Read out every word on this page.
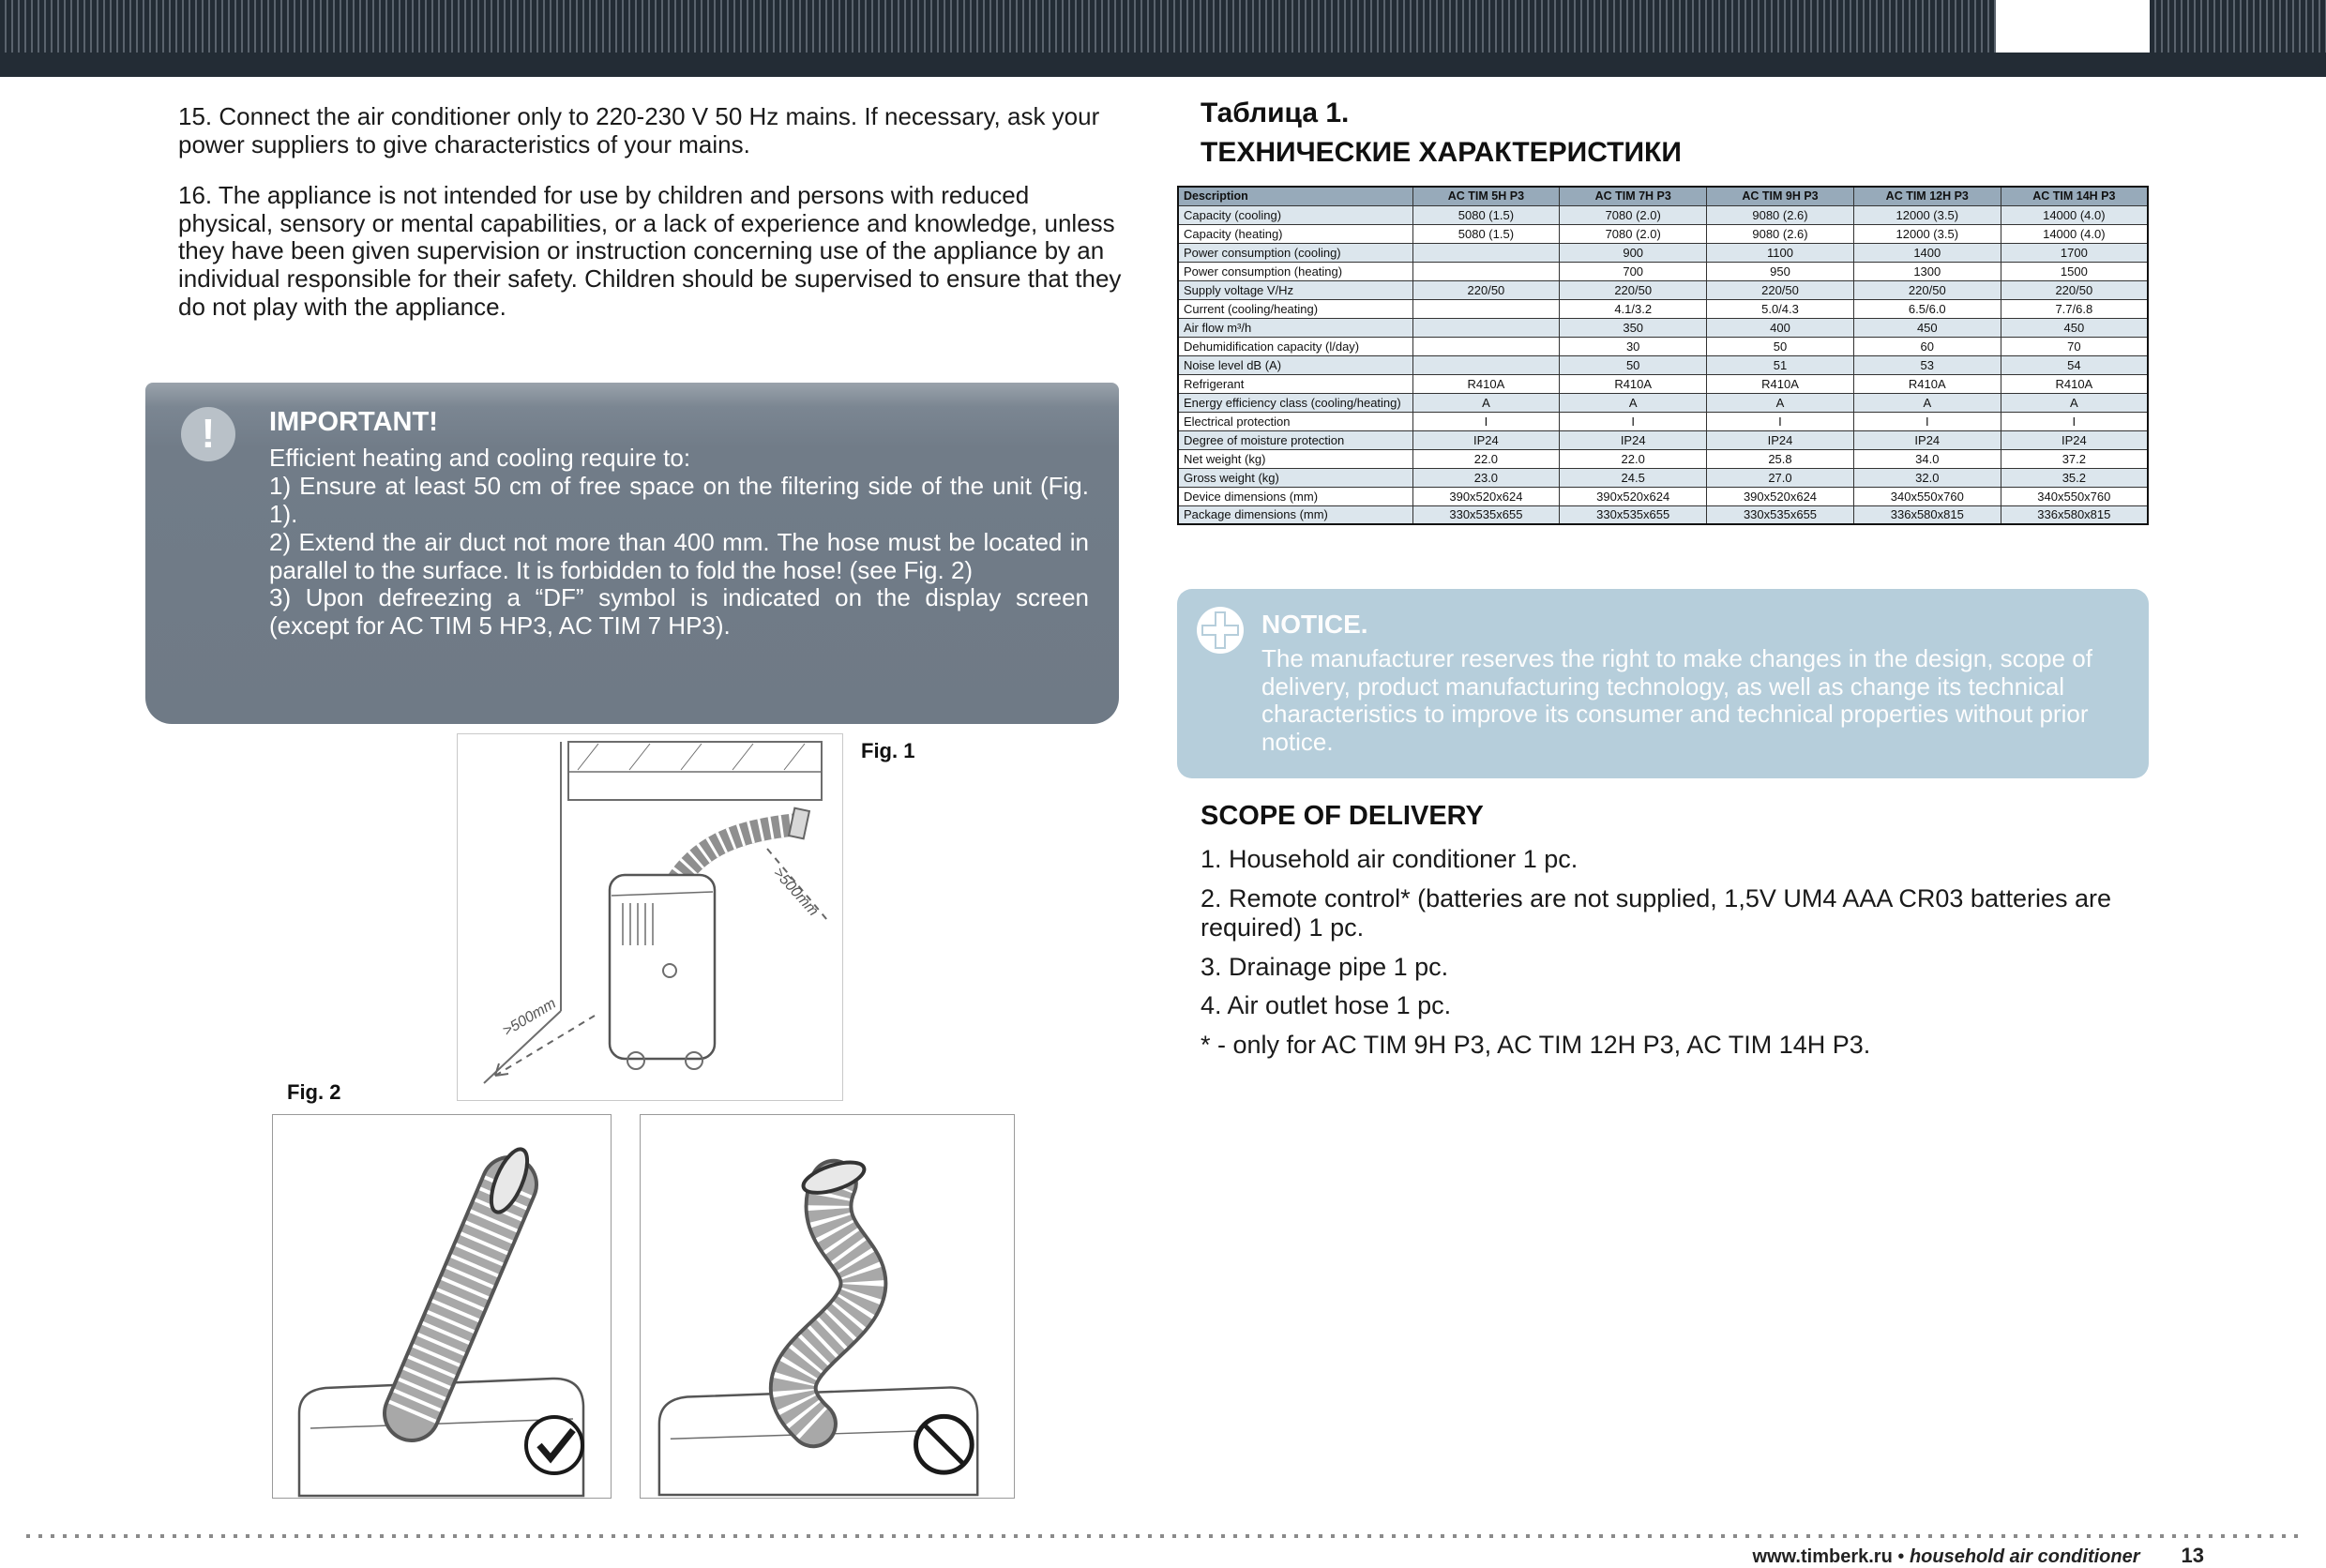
15. Connect the air conditioner only to 220-230 V 50 Hz mains. If necessary, ask your power suppliers to give characteristics of your mains.

16. The appliance is not intended for use by children and persons with reduced physical, sensory or mental capabilities, or a lack of experience and knowledge, unless they have been given supervision or instruction concerning use of the appliance by an individual responsible for their safety. Children should be supervised to ensure that they do not play with the appliance.

!	IMPORTANT!

Efficient heating and cooling require to:

1) Ensure at least 50 cm of free space on the filtering side of the unit (Fig. 1).

2) Extend the air duct not more than 400 mm. The hose must be located in parallel to the surface. It is forbidden to fold the hose! (see Fig. 2)

3) Upon defreezing a “DF” symbol is indicated on the display screen (except for AC TIM 5 HP3, AC TIM 7 HP3).

Fig. 1
>500mm
>500mm
Fig. 2
Таблица 1.
ТЕХНИЧЕСКИЕ ХАРАКТЕРИСТИКИ
Description	AC TIM 5H P3	AC TIM 7H P3	AC TIM 9H P3	AC TIM 12H P3	AC TIM 14H P3
Capacity (cooling)	5080 (1.5)	7080 (2.0)	9080 (2.6)	12000 (3.5)	14000 (4.0)
Capacity (heating)	5080 (1.5)	7080 (2.0)	9080 (2.6)	12000 (3.5)	14000 (4.0)
Power consumption (cooling)		900	1100	1400	1700
Power consumption (heating)		700	950	1300	1500
Supply voltage V/Hz	220/50	220/50	220/50	220/50	220/50
Current (cooling/heating)		4.1/3.2	5.0/4.3	6.5/6.0	7.7/6.8
Air flow m³/h		350	400	450	450
Dehumidification capacity (l/day)		30	50	60	70
Noise level dB (A)		50	51	53	54
Refrigerant	R410A	R410A	R410A	R410A	R410A
Energy efficiency class (cooling/heating)	A	A	A	A	A
Electrical protection	I	I	I	I	I
Degree of moisture protection	IP24	IP24	IP24	IP24	IP24
Net weight (kg)	22.0	22.0	25.8	34.0	37.2
Gross weight (kg)	23.0	24.5	27.0	32.0	35.2
Device dimensions (mm)	390x520x624	390x520x624	390x520x624	340x550x760	340x550x760
Package dimensions (mm)	330x535x655	330x535x655	330x535x655	336x580x815	336x580x815
NOTICE.
The manufacturer reserves the right to make changes in the design, scope of delivery, product manufacturing technology, as well as change its technical characteristics to improve its consumer and technical properties without prior notice.
SCOPE OF DELIVERY

1. Household air conditioner 1 pc.

2. Remote control* (batteries are not supplied, 1,5V UM4 AAA CR03 batteries are required) 1 pc.

3. Drainage pipe 1 pc.

4. Air outlet hose 1 pc.

* - only for AC TIM 9H P3, AC TIM 12H P3, AC TIM 14H P3.

www.timberk.ru • household air conditioner 13
